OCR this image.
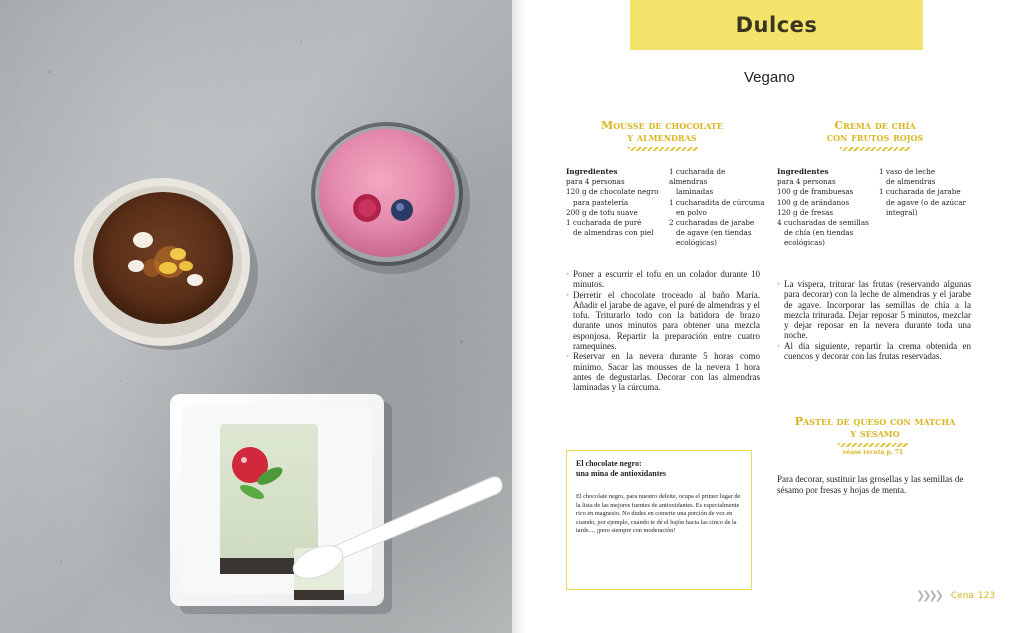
Dulces
Vegano
Mousse de chocolate
y almendras
Ingredientes
para 4 personas
120 g de chocolate negro
para pastelería
200 g de tofu suave
1 cucharada de puré
de almendras con piel
1 cucharada de almendras
laminadas
1 cucharadita de cúrcuma
en polvo
2 cucharadas de jarabe
de agave (en tiendas
ecológicas)
• Poner a escurrir el tofu en un colador durante 10 minutos.
• Derretir el chocolate troceado al baño María. Añadir el jarabe de agave, el puré de almendras y el tofu. Triturarlo todo con la batidora de brazo durante unos minutos para obtener una mezcla esponjosa. Repartir la preparación entre cuatro ramequines.
• Reservar en la nevera durante 5 horas como mínimo. Sacar las mousses de la nevera 1 hora antes de degustarlas. Decorar con las almendras laminadas y la cúrcuma.
Crema de chía
con frutos rojos
Ingredientes
para 4 personas
100 g de frambuesas
100 g de arándanos
120 g de fresas
4 cucharadas de semillas
de chía (en tiendas
ecológicas)
1 vaso de leche
de almendras
1 cucharada de jarabe
de agave (o de azúcar
integral)
• La víspera, triturar las frutas (reservando algunas para decorar) con la leche de almendras y el jarabe de agave. Incorporar las semillas de chía a la mezcla triturada. Dejar reposar 5 minutos, mezclar y dejar reposar en la nevera durante toda una noche.
• Al día siguiente, repartir la crema obtenida en cuencos y decorar con las frutas reservadas.
Pastel de queso con matcha
y sésamo
véase receta p. 71
Para decorar, sustituir las grosellas y las semillas de sésamo por fresas y hojas de menta.
El chocolate negro:
una mina de antioxidantes
El chocolate negro, para nuestro deleite, ocupa el primer lugar de la lista de las mejores fuentes de antioxidantes. Es especialmente rico en magnesio. No dudes en comerte una porción de vez en cuando, por ejemplo, cuando te dé el bajón hacia las cinco de la tarde..., ¡pero siempre con moderación!
❯❯❯❯ Cena 123
